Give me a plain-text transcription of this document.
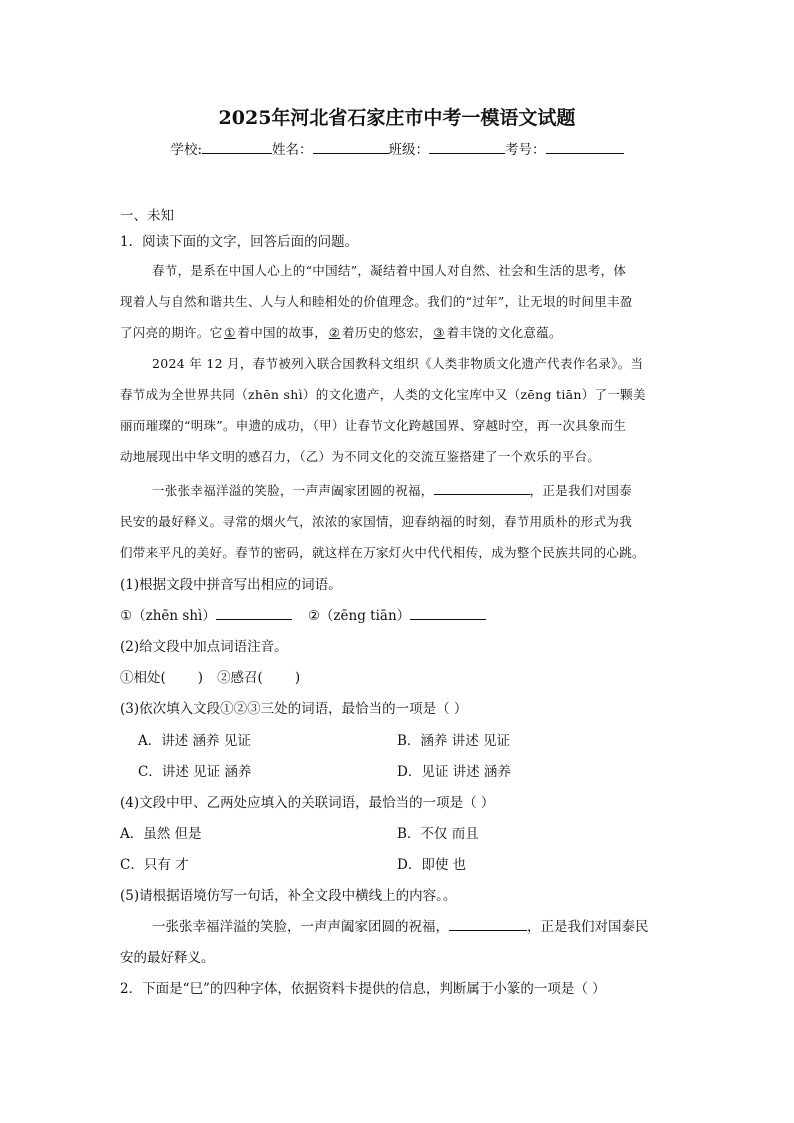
2025年河北省石家庄市中考一模语文试题
学校:	姓名：	班级：	考号：
一、未知
1．阅读下面的文字，回答后面的问题。
春节，是系在中国人心上的“中国结”，凝结着中国人对自然、社会和生活的思考，体
现着人与自然和谐共生、人与人和睦相处的价值理念。我们的“过年”，让无垠的时间里丰盈
了闪亮的期许。它 ① 着中国的故事， ② 着历史的悠宏， ③ 着丰饶的文化意蕴。
2024 年 12 月，春节被列入联合国教科文组织《人类非物质文化遗产代表作名录》。当
春节成为全世界共同（zhēn shì）的文化遗产，人类的文化宝库中又（zēng tiān）了一颗美
丽而璀璨的“明珠”。申遗的成功，（甲）让春节文化跨越国界、穿越时空，再一次具象而生
动地展现出中华文明的感召力，（乙）为不同文化的交流互鉴搭建了一个欢乐的平台。
一张张幸福洋溢的笑脸，一声声阖家团圆的祝福，	，正是我们对国泰
民安的最好释义。寻常的烟火气，浓浓的家国情，迎春纳福的时刻，春节用质朴的形式为我
们带来平凡的美好。春节的密码，就这样在万家灯火中代代相传，成为整个民族共同的心跳。
(1)根据文段中拼音写出相应的词语。
①（zhēn shì）	②（zēng tiān）
(2)给文段中加点词语注音。
①相处( ) ②感召( )
(3)依次填入文段①②③三处的词语，最恰当的一项是（ ）
A．讲述 涵养 见证	B．涵养 讲述 见证
C．讲述 见证 涵养	D．见证 讲述 涵养
(4)文段中甲、乙两处应填入的关联词语，最恰当的一项是（ ）
A．虽然 但是	B．不仅 而且
C．只有 才	D．即使 也
(5)请根据语境仿写一句话，补全文段中横线上的内容。。
一张张幸福洋溢的笑脸，一声声阖家团圆的祝福，	，正是我们对国泰民
安的最好释义。
2．下面是“巳”的四种字体，依据资料卡提供的信息，判断属于小篆的一项是（ ）
